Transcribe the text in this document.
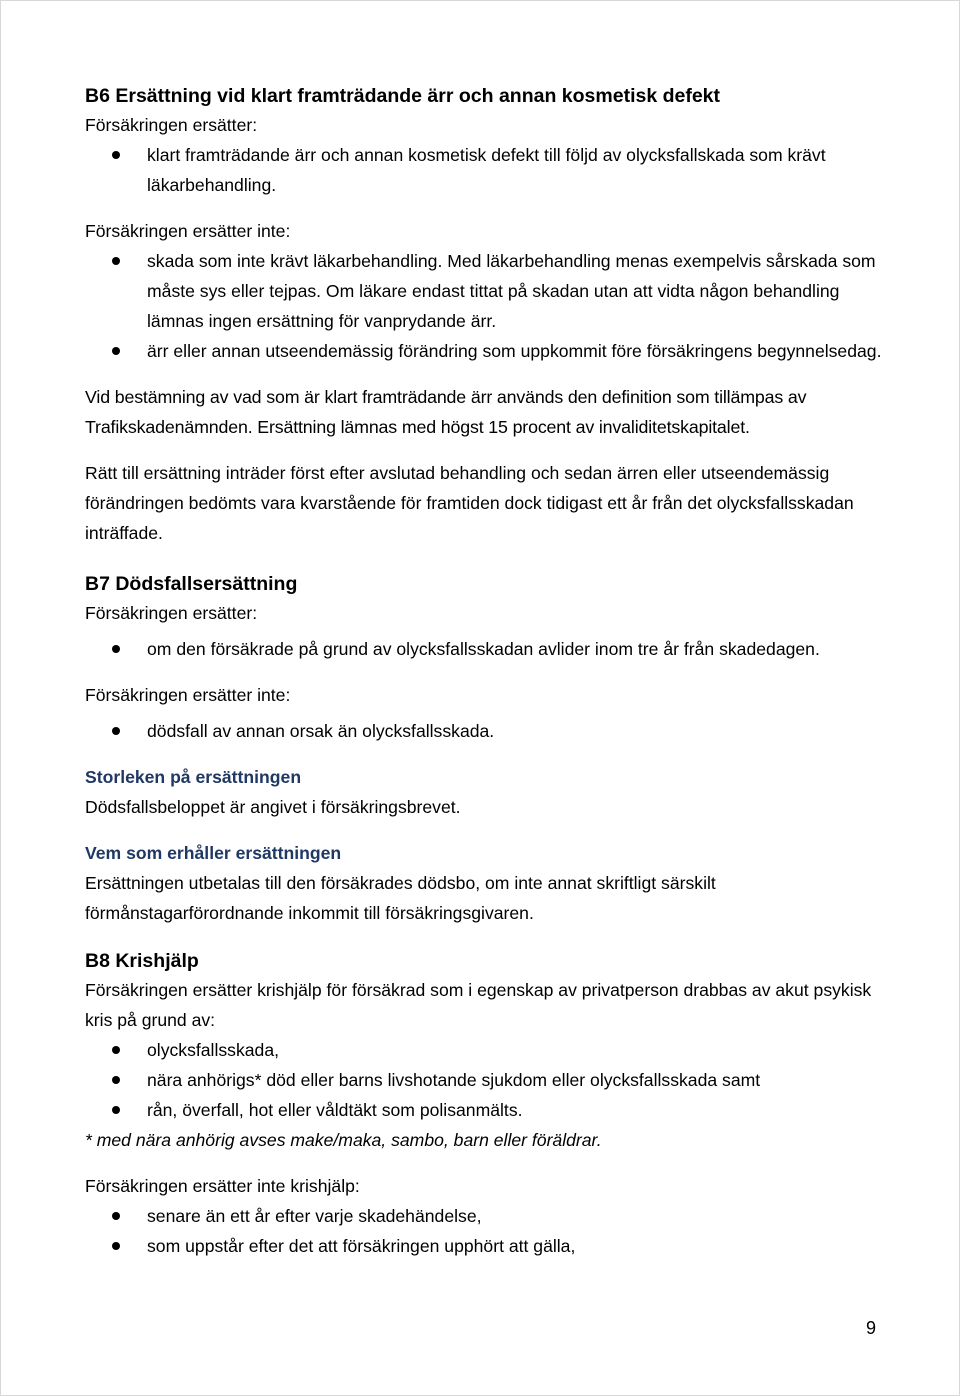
B6 Ersättning vid klart framträdande ärr och annan kosmetisk defekt
Försäkringen ersätter:
klart framträdande ärr och annan kosmetisk defekt till följd av olycksfallskada som krävt läkarbehandling.
Försäkringen ersätter inte:
skada som inte krävt läkarbehandling. Med läkarbehandling menas exempelvis sårskada som måste sys eller tejpas. Om läkare endast tittat på skadan utan att vidta någon behandling lämnas ingen ersättning för vanprydande ärr.
ärr eller annan utseendemässig förändring som uppkommit före försäkringens begynnelsedag.
Vid bestämning av vad som är klart framträdande ärr används den definition som tillämpas av Trafikskadenämnden. Ersättning lämnas med högst 15 procent av invaliditetskapitalet.
Rätt till ersättning inträder först efter avslutad behandling och sedan ärren eller utseendemässig förändringen bedömts vara kvarstående för framtiden dock tidigast ett år från det olycksfallsskadan inträffade.
B7 Dödsfallsersättning
Försäkringen ersätter:
om den försäkrade på grund av olycksfallsskadan avlider inom tre år från skadedagen.
Försäkringen ersätter inte:
dödsfall av annan orsak än olycksfallsskada.
Storleken på ersättningen
Dödsfallsbeloppet är angivet i försäkringsbrevet.
Vem som erhåller ersättningen
Ersättningen utbetalas till den försäkrades dödsbo, om inte annat skriftligt särskilt förmånstagarförordnande inkommit till försäkringsgivaren.
B8 Krishjälp
Försäkringen ersätter krishjälp för försäkrad som i egenskap av privatperson drabbas av akut psykisk kris på grund av:
olycksfallsskada,
nära anhörigs* död eller barns livshotande sjukdom eller olycksfallsskada samt
rån, överfall, hot eller våldtäkt som polisanmälts.
* med nära anhörig avses make/maka, sambo, barn eller föräldrar.
Försäkringen ersätter inte krishjälp:
senare än ett år efter varje skadehändelse,
som uppstår efter det att försäkringen upphört att gälla,
9
